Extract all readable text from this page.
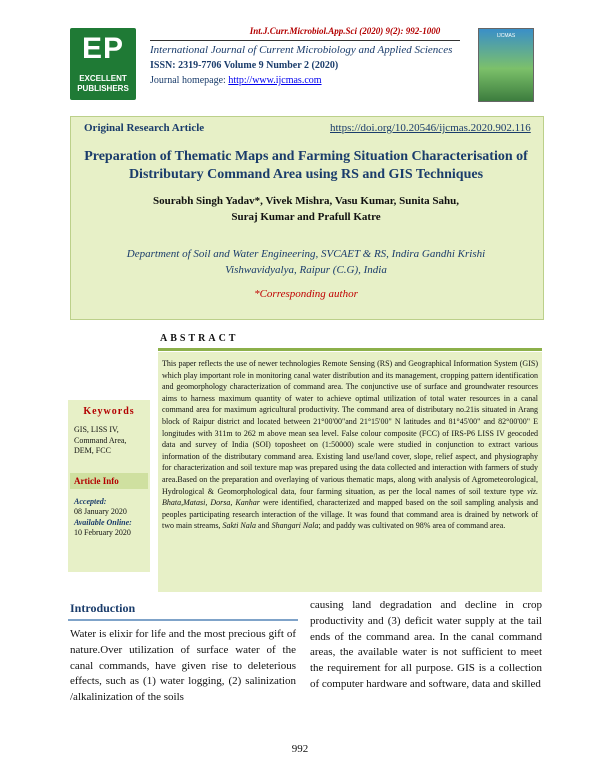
Int.J.Curr.Microbiol.App.Sci (2020) 9(2): 992-1000
EP
EXCELLENT
PUBLISHERS
International Journal of Current Microbiology and Applied Sciences
ISSN: 2319-7706 Volume 9 Number 2 (2020)
Journal homepage: http://www.ijcmas.com
IJCMAS
Original Research Article	https://doi.org/10.20546/ijcmas.2020.902.116
Preparation of Thematic Maps and Farming Situation Characterisation of Distributary Command Area using RS and GIS Techniques
Sourabh Singh Yadav*, Vivek Mishra, Vasu Kumar, Sunita Sahu,
Suraj Kumar and Prafull Katre
Department of Soil and Water Engineering, SVCAET & RS, Indira Gandhi Krishi Vishwavidyalya, Raipur (C.G), India
*Corresponding author
ABSTRACT
This paper reflects the use of newer technologies Remote Sensing (RS) and Geographical Information System (GIS) which play important role in monitoring canal water distribution and its management, cropping pattern identification and geomorphology characterization of command area. The conjunctive use of surface and groundwater resources aims to harness maximum quantity of water to achieve optimal utilization of total water resources in a canal command area for maximum agricultural productivity. The command area of distributary no.21is situated in Arang block of Raipur district and located between 21°00'00"and 21°15'00" N latitudes and 81°45'00" and 82°00'00" E longitudes with 311m to 262 m above mean sea level. False colour composite (FCC) of IRS-P6 LISS IV geocoded data and survey of India (SOI) toposheet on (1:50000) scale were studied in conjunction to extract various information of the distributary command area. Existing land use/land cover, slope, relief aspect, and physiography for characterization and soil texture map was prepared using the data collected and interaction with farmers of study area.Based on the preparation and overlaying of various thematic maps, along with analysis of Agrometeorological, Hydrological & Geomorphological data, four farming situation, as per the local names of soil texture type viz. Bhata,Matasi, Dorsa, Kanhar were identified, characterized and mapped based on the soil sampling analysis and peoples participating research interaction of the village. It was found that command area is drained by network of two main streams, Sakti Nala and Shangari Nala; and paddy was cultivated on 98% area of command area.
Keywords
GIS, LISS IV, Command Area, DEM, FCC
Article Info
Accepted:
08 January 2020
Available Online:
10 February 2020
Introduction
Water is elixir for life and the most precious gift of nature.Over utilization of surface water of the canal commands, have given rise to deleterious effects, such as (1) water logging, (2) salinization /alkalinization of the soils
causing land degradation and decline in crop productivity and (3) deficit water supply at the tail ends of the command area. In the canal command areas, the available water is not sufficient to meet the requirement for all purpose. GIS is a collection of computer hardware and software, data and skilled
992
